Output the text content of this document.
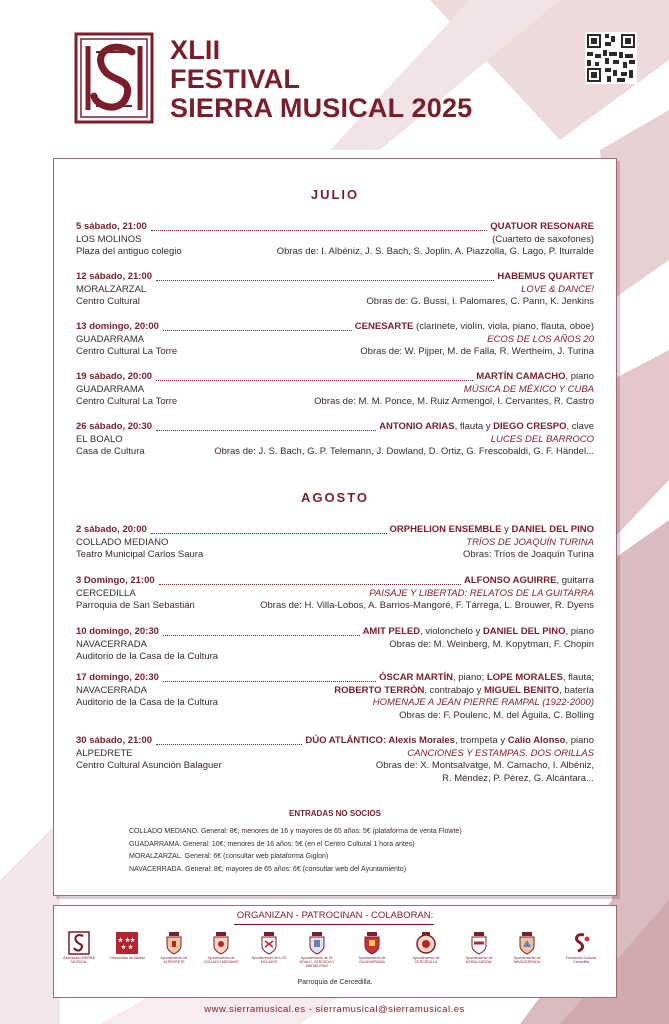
XLII
FESTIVAL
SIERRA MUSICAL 2025
JULIO
5 sábado, 21:00	QUATUOR RESONARE
LOS MOLINOS	(Cuarteto de saxofones)
Plaza del antiguo colegio	Obras de: I. Albéniz, J. S. Bach, S. Joplin, A. Piazzolla, G. Lago, P. Iturralde
12 sábado, 21:00	HABEMUS QUARTET
MORALZARZAL	LOVE & DANCE!
Centro Cultural	Obras de: G. Bussi, I. Palomares, C. Pann, K. Jenkins
13 domingo, 20:00	CENESARTE (clarinete, violín, viola, piano, flauta, oboe)
GUADARRAMA	ECOS DE LOS AÑOS 20
Centro Cultural La Torre	Obras de: W. Pijper, M. de Falla, R. Wertheim, J. Turina
19 sábado, 20:00	MARTÍN CAMACHO, piano
GUADARRAMA	MÚSICA DE MÉXICO Y CUBA
Centro Cultural La Torre	Obras de: M. M. Ponce, M. Ruiz Armengol, I. Cervantes, R. Castro
26 sábado, 20:30	ANTONIO ARIAS, flauta y DIEGO CRESPO, clave
EL BOALO	LUCES DEL BARROCO
Casa de Cultura	Obras de: J. S. Bach, G. P. Telemann, J. Dowland, D. Ortiz, G. Frescobaldi, G. F. Händel...
AGOSTO
2 sábado, 20:00	ORPHELION ENSEMBLE y DANIEL DEL PINO
COLLADO MEDIANO	TRÍOS DE JOAQUÍN TURINA
Teatro Municipal Carlos Saura	Obras: Tríos de Joaquín Turina
3 Domingo, 21:00	ALFONSO AGUIRRE, guitarra
CERCEDILLA	PAISAJE Y LIBERTAD: RELATOS DE LA GUITARRA
Parroquia de San Sebastián	Obras de: H. Villa-Lobos, A. Barrios-Mangoré, F. Tárrega, L. Brouwer, R. Dyens
10 domingo, 20:30	AMIT PELED, violonchelo y DANIEL DEL PINO, piano
NAVACERRADA	Obras de: M. Weinberg, M. Kopytman, F. Chopin
Auditorio de la Casa de la Cultura
17 domingo, 20:30	ÓSCAR MARTÍN, piano; LOPE MORALES, flauta;
NAVACERRADA	ROBERTO TERRÓN, contrabajo y MIGUEL BENITO, batería
Auditorio de la Casa de la Cultura	HOMENAJE A JEAN PIERRE RAMPAL (1922-2000)
Obras de: F. Poulenc, M. del Águila, C. Bolling
30 sábado, 21:00	DÚO ATLÁNTICO: Alexis Morales, trompeta y Calio Alonso, piano
ALPEDRETE	CANCIONES Y ESTAMPAS. DOS ORILLAS
Centro Cultural Asunción Balaguer	Obras de: X. Montsalvatge, M. Camacho, I. Albéniz,
R. Méndez, P. Pérez, G. Alcántara...
ENTRADAS NO SOCIOS
COLLADO MEDIANO. General: 8€; menores de 16 y mayores de 65 años: 5€ (plataforma de venta Flowte)
GUADARRAMA. General: 10€; menores de 16 años: 5€ (en el Centro Cultural 1 hora antes)
MORALZARZAL. General: 6€ (consultar web plataforma Giglon)
NAVACERRADA. General: 8€; mayores de 65 años: 6€ (consultar web del Ayuntamiento)
ORGANIZAN - PATROCINAN - COLABORAN:
Asociación SIERRA MUSICAL
Comunidad de Madrid	Ayuntamiento de ALPEDRETE
Ayuntamiento de COLLADO MEDIANO
Ayuntamiento de LOS MOLINOS
Ayuntamiento de EL BOALO, CERCEDA Y MATAELPINO
Ayuntamiento de GUADARRAMA
Ayuntamiento de CERCEDILLA
Ayuntamiento de MORALZARZAL
Ayuntamiento de NAVACERRADA
Fundación Cultural Cercedilla
Parroquia de Cercedilla.
www.sierramusical.es - sierramusical@sierramusical.es
